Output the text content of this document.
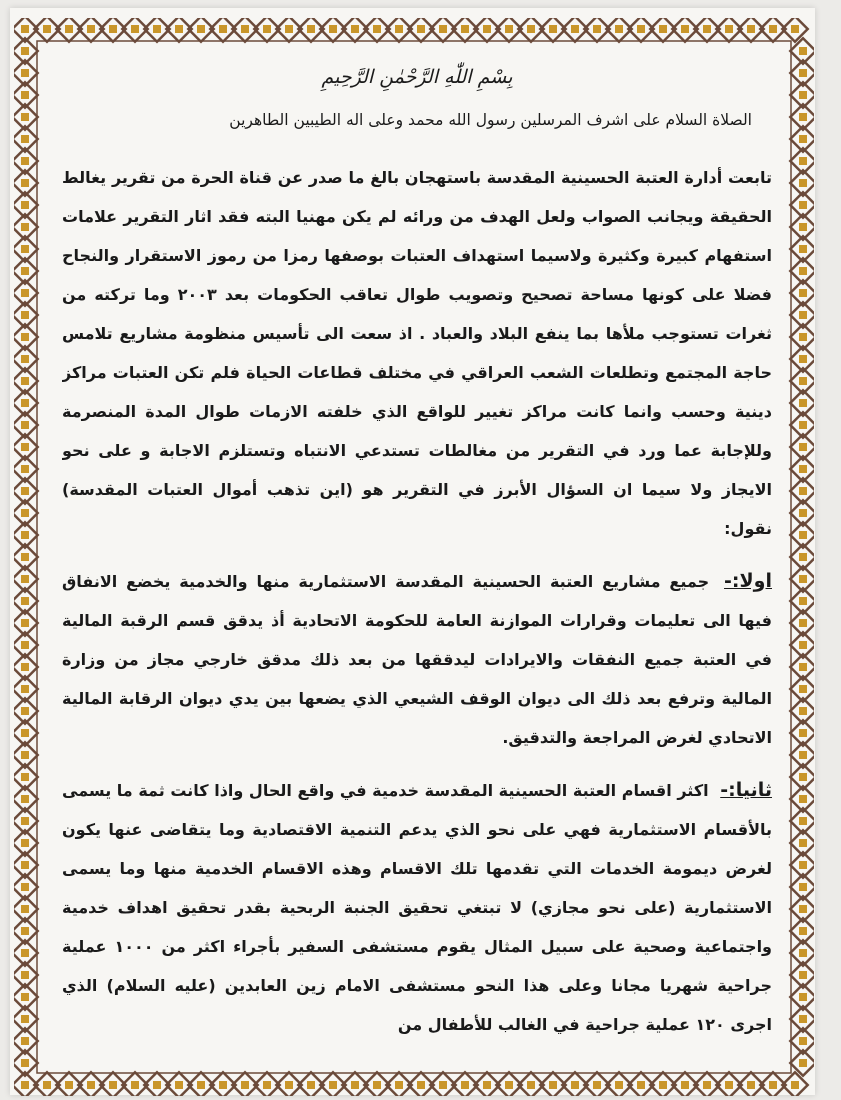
بِسْمِ اللّٰهِ الرَّحْمٰنِ الرَّحِيمِ
الصلاة السلام على اشرف المرسلين رسول الله محمد وعلى اله الطيبين الطاهرين

تابعت أدارة العتبة الحسينية المقدسة باستهجان بالغ ما صدر عن قناة الحرة من تقرير يغالط الحقيقة ويجانب الصواب ولعل الهدف من ورائه لم يكن مهنيا البته فقد اثار التقرير علامات استفهام كبيرة وكثيرة ولاسيما استهداف العتبات بوصفها رمزا من رموز الاستقرار والنجاح فضلا على كونها مساحة تصحيح وتصويب طوال تعاقب الحكومات بعد ٢٠٠٣ وما تركته من ثغرات تستوجب ملأها بما ينفع البلاد والعباد . اذ سعت الى تأسيس منظومة مشاريع تلامس حاجة المجتمع وتطلعات الشعب العراقي في مختلف قطاعات الحياة فلم تكن العتبات مراكز دينية وحسب وانما كانت مراكز تغيير للواقع الذي خلفته الازمات طوال المدة المنصرمة وللإجابة عما ورد في التقرير من مغالطات تستدعي الانتباه وتستلزم الاجابة و على نحو الايجاز ولا سيما ان السؤال الأبرز في التقرير هو (اين تذهب أموال العتبات المقدسة) نقول:

اولا:- جميع مشاريع العتبة الحسينية المقدسة الاستثمارية منها والخدمية يخضع الانفاق فيها الى تعليمات وقرارات الموازنة العامة للحكومة الاتحادية أذ يدقق قسم الرقبة المالية في العتبة جميع النفقات والايرادات ليدققها من بعد ذلك مدقق خارجي مجاز من وزارة المالية وترفع بعد ذلك الى ديوان الوقف الشيعي الذي يضعها بين يدي ديوان الرقابة المالية الاتحادي لغرض المراجعة والتدقيق.

ثانيا:- اكثر اقسام العتبة الحسينية المقدسة خدمية في واقع الحال واذا كانت ثمة ما يسمى بالأقسام الاستثمارية فهي على نحو الذي يدعم التنمية الاقتصادية وما يتقاضى عنها يكون لغرض ديمومة الخدمات التي تقدمها تلك الاقسام وهذه الاقسام الخدمية منها وما يسمى الاستثمارية (على نحو مجازي) لا تبتغي تحقيق الجنبة الربحية بقدر تحقيق اهداف خدمية واجتماعية وصحية على سبيل المثال يقوم مستشفى السفير بأجراء اكثر من ١٠٠٠ عملية جراحية شهريا مجانا وعلى هذا النحو مستشفى الامام زين العابدين (عليه السلام) الذي اجرى ١٢٠ عملية جراحية في الغالب للأطفال من
